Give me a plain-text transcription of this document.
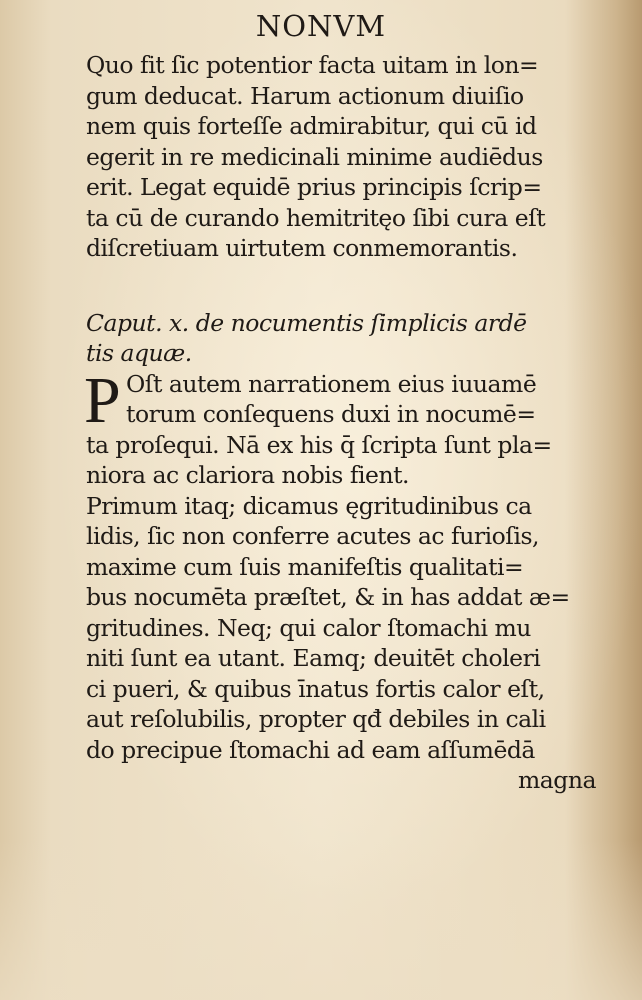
NONVM
Quo fit ſic potentior facta uitam in lon=
gum deducat. Harum actionum diuiſio
nem quis forteſſe admirabitur, qui cū id
egerit in re medicinali minime audiēdus
erit. Legat equidē prius principis ſcrip=
ta cū de curando hemitritęo ſibi cura eſt
diſcretiuam uirtutem conmemorantis.
Caput. x. de nocumentis ſimplicis ardē
tis aquæ.
P Oſt autem narrationem eius iuuamē
torum conſequens duxi in nocumē=
ta proſequi. Nā ex his q̄ ſcripta ſunt pla=
niora ac clariora nobis fient.
Primum itaq; dicamus ęgritudinibus ca
lidis, ſic non conferre acutes ac furioſis,
maxime cum ſuis manifeſtis qualitati=
bus nocumēta præſtet, & in has addat æ=
gritudines. Neq; qui calor ſtomachi mu
niti ſunt ea utant. Eamq; deuitēt choleri
ci pueri, & quibus īnatus fortis calor eſt,
aut reſolubilis, propter qđ debiles in cali
do precipue ſtomachi ad eam aſſumēdā
magna
